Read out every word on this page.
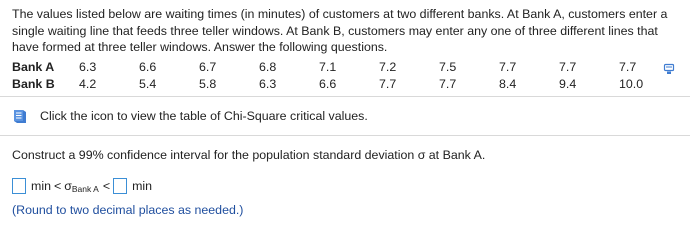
The values listed below are waiting times (in minutes) of customers at two different banks. At Bank A, customers enter a single waiting line that feeds three teller windows. At Bank B, customers may enter any one of three different lines that have formed at three teller windows. Answer the following questions.
Bank A	6.3	6.6	6.7	6.8	7.1	7.2	7.5	7.7	7.7	7.7
Bank B	4.2	5.4	5.8	6.3	6.6	7.7	7.7	8.4	9.4	10.0
Click the icon to view the table of Chi-Square critical values.
Construct a 99% confidence interval for the population standard deviation σ at Bank A.
min < σ Bank A < min
(Round to two decimal places as needed.)
